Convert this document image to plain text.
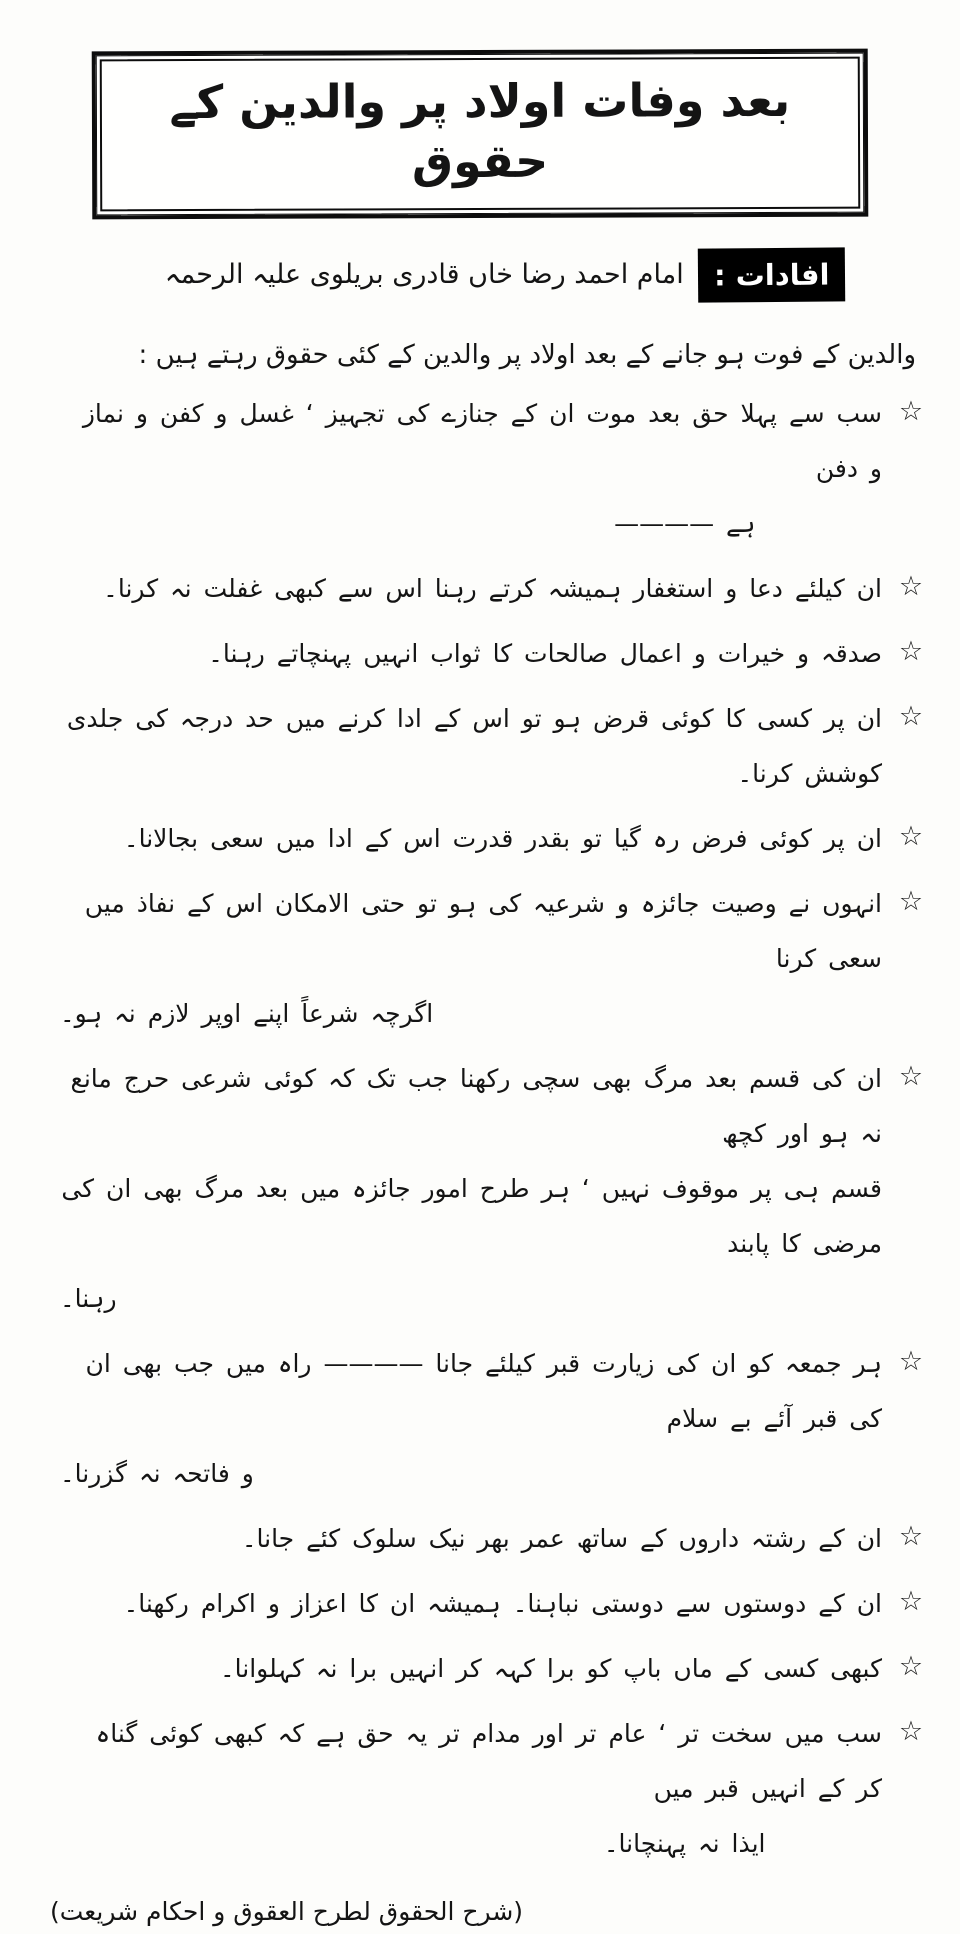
بعد وفات اولاد پر والدین کے حقوق
افادات :
امام احمد رضا خاں قادری بریلوی علیہ الرحمہ

والدین کے فوت ہو جانے کے بعد اولاد پر والدین کے کئی حقوق رہتے ہیں :

☆
سب سے پہلا حق بعد موت ان کے جنازے کی تجہیز ‘ غسل و کفن و نماز و دفن
ہے ————
☆
ان کیلئے دعا و استغفار ہمیشہ کرتے رہنا اس سے کبھی غفلت نہ کرنا۔
☆
صدقہ و خیرات و اعمال صالحات کا ثواب انہیں پہنچاتے رہنا۔
☆
ان پر کسی کا کوئی قرض ہو تو اس کے ادا کرنے میں حد درجہ کی جلدی کوشش کرنا۔
☆
ان پر کوئی فرض رہ گیا تو بقدر قدرت اس کے ادا میں سعی بجالانا۔
☆
انہوں نے وصیت جائزہ و شرعیہ کی ہو تو حتی الامکان اس کے نفاذ میں سعی کرنا
اگرچہ شرعاً اپنے اوپر لازم نہ ہو۔
☆
ان کی قسم بعد مرگ بھی سچی رکھنا جب تک کہ کوئی شرعی حرج مانع نہ ہو اور کچھ
قسم ہی پر موقوف نہیں ‘ ہر طرح امور جائزہ میں بعد مرگ بھی ان کی مرضی کا پابند
رہنا۔
☆
ہر جمعہ کو ان کی زیارت قبر کیلئے جانا ———— راہ میں جب بھی ان کی قبر آئے بے سلام
و فاتحہ نہ گزرنا۔
☆
ان کے رشتہ داروں کے ساتھ عمر بھر نیک سلوک کئے جانا۔
☆
ان کے دوستوں سے دوستی نباہنا۔ ہمیشہ ان کا اعزاز و اکرام رکھنا۔
☆
کبھی کسی کے ماں باپ کو برا کہہ کر انہیں برا نہ کہلوانا۔
☆
سب میں سخت تر ‘ عام تر اور مدام تر یہ حق ہے کہ کبھی کوئی گناہ کر کے انہیں قبر میں
ایذا نہ پہنچانا۔

(شرح الحقوق لطرح العقوق و احکام شریعت)
